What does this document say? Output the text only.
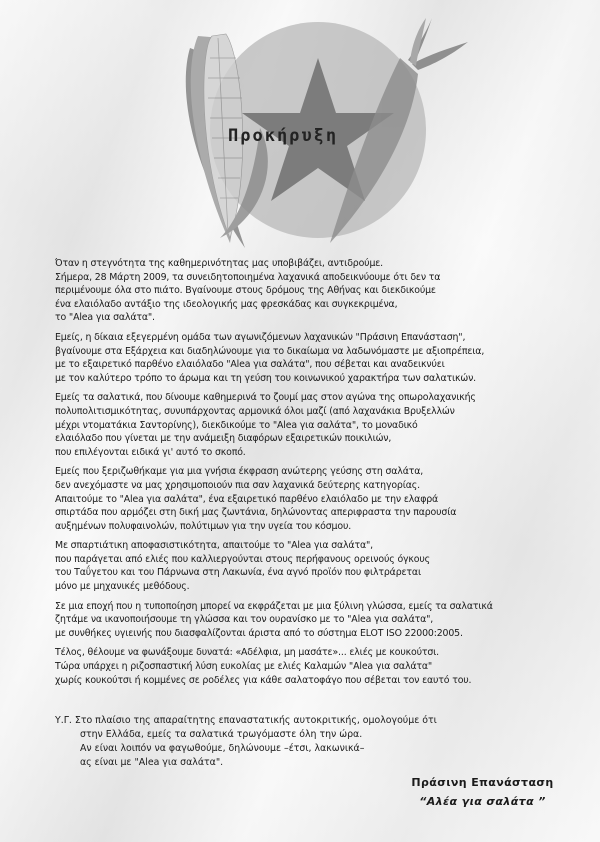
Προκήρυξη

Όταν η στεγνότητα της καθημερινότητας μας υποβιβάζει, αντιδρούμε.
Σήμερα, 28 Μάρτη 2009, τα συνειδητοποιημένα λαχανικά αποδεικνύουμε ότι δεν τα
περιμένουμε όλα στο πιάτο. Βγαίνουμε στους δρόμους της Αθήνας και διεκδικούμε
ένα ελαιόλαδο αντάξιο της ιδεολογικής μας φρεσκάδας και συγκεκριμένα,
το "Alea για σαλάτα".

Εμείς, η δίκαια εξεγερμένη ομάδα των αγωνιζόμενων λαχανικών "Πράσινη Επανάσταση",
βγαίνουμε στα Εξάρχεια και διαδηλώνουμε για το δικαίωμα να λαδωνόμαστε με αξιοπρέπεια,
με το εξαιρετικό παρθένο ελαιόλαδο "Alea για σαλάτα", που σέβεται και αναδεικνύει
με τον καλύτερο τρόπο το άρωμα και τη γεύση του κοινωνικού χαρακτήρα των σαλατικών.

Εμείς τα σαλατικά, που δίνουμε καθημερινά το ζουμί μας στον αγώνα της οπωρολαχανικής
πολυπολιτισμικότητας, συνυπάρχοντας αρμονικά όλοι μαζί (από λαχανάκια Βρυξελλών
μέχρι ντοματάκια Σαντορίνης), διεκδικούμε το "Alea για σαλάτα", το μοναδικό
ελαιόλαδο που γίνεται με την ανάμειξη διαφόρων εξαιρετικών ποικιλιών,
που επιλέγονται ειδικά γι' αυτό το σκοπό.

Εμείς που ξεριζωθήκαμε για μια γνήσια έκφραση ανώτερης γεύσης στη σαλάτα,
δεν ανεχόμαστε να μας χρησιμοποιούν πια σαν λαχανικά δεύτερης κατηγορίας.
Απαιτούμε το "Alea για σαλάτα", ένα εξαιρετικό παρθένο ελαιόλαδο με την ελαφρά
σπιρτάδα που αρμόζει στη δική μας ζωντάνια, δηλώνοντας απεριφραστα την παρουσία
αυξημένων πολυφαινολών, πολύτιμων για την υγεία του κόσμου.

Με σπαρτιάτικη αποφασιστικότητα, απαιτούμε το "Alea για σαλάτα",
που παράγεται από ελιές που καλλιεργούνται στους περήφανους ορεινούς όγκους
του Ταΰγετου και του Πάρνωνα στη Λακωνία, ένα αγνό προϊόν που φιλτράρεται
μόνο με μηχανικές μεθόδους.

Σε μια εποχή που η τυποποίηση μπορεί να εκφράζεται με μια ξύλινη γλώσσα, εμείς τα σαλατικά
ζητάμε να ικανοποιήσουμε τη γλώσσα και τον ουρανίσκο με το "Alea για σαλάτα",
με συνθήκες υγιεινής που διασφαλίζονται άριστα από το σύστημα ELOT ISO 22000:2005.

Τέλος, θέλουμε να φωνάξουμε δυνατά: «Αδέλφια, μη μασάτε»... ελιές με κουκούτσι.
Τώρα υπάρχει η ριζοσπαστική λύση ευκολίας με ελιές Καλαμών "Alea για σαλάτα"
χωρίς κουκούτσι ή κομμένες σε ροδέλες για κάθε σαλατοφάγο που σέβεται τον εαυτό του.

Υ.Γ. Στο πλαίσιο της απαραίτητης επαναστατικής αυτοκριτικής, ομολογούμε ότι
στην Ελλάδα, εμείς τα σαλατικά τρωγόμαστε όλη την ώρα.
Αν είναι λοιπόν να φαγωθούμε, δηλώνουμε –έτσι, λακωνικά–
ας είναι με "Alea για σαλάτα".
Πράσινη Επανάσταση
“Αλέα για σαλάτα ”
